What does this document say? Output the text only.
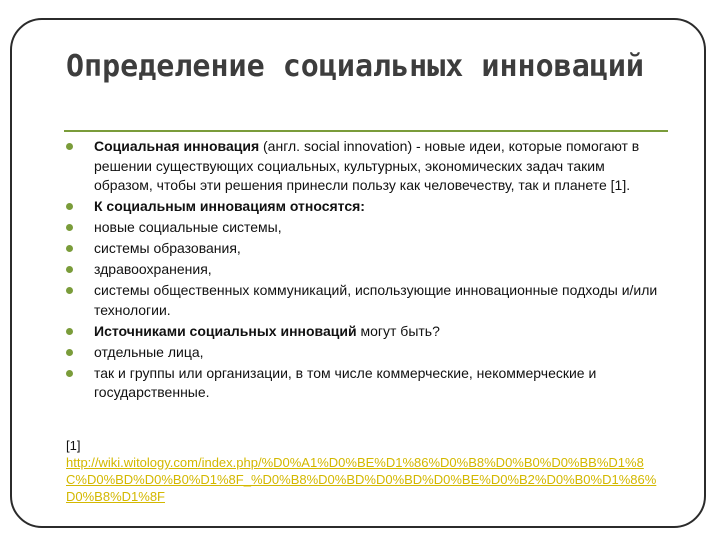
Определение социальных инноваций
Социальная инновация (англ. social innovation) - новые идеи, которые помогают в решении существующих социальных, культурных, экономических задач таким образом, чтобы эти решения принесли пользу как человечеству, так и планете [1].
К социальным инновациям относятся:
новые социальные системы,
системы образования,
здравоохранения,
системы общественных коммуникаций, использующие инновационные подходы и/или технологии.
Источниками социальных инноваций могут быть?
отдельные лица,
так и группы или организации, в том числе коммерческие, некоммерческие и государственные.
[1]
http://wiki.witology.com/index.php/%D0%A1%D0%BE%D1%86%D0%B8%D0%B0%D0%BB%D1%8C%D0%BD%D0%B0%D1%8F_%D0%B8%D0%BD%D0%BD%D0%BE%D0%B2%D0%B0%D1%86%D0%B8%D1%8F
